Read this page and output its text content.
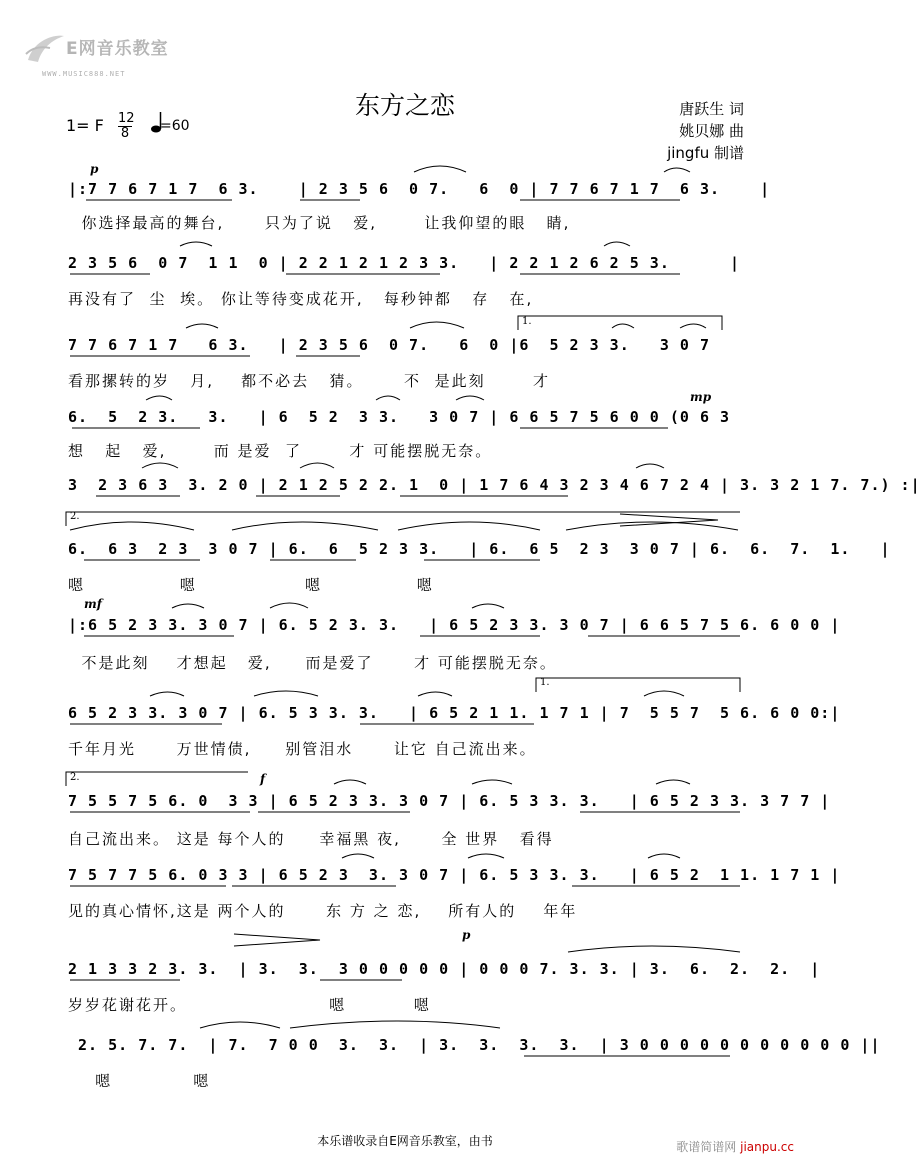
E网音乐教室
WWW.MUSIC888.NET
东方之恋
1= F $\frac{12}{8} =60$
唐跃生 词
姚贝娜 曲
jingfu 制谱
p
mp
mf
f
p
1.
2.
1.
2.
|:7 7 6 7 1 7  6 3.    | 2 3 5 6  0 7.   6  0 | 7 7 6 7 1 7  6 3.    |
你选择最高的舞台,      只为了说   爱,       让我仰望的眼   睛,
2 3 5 6  0 7  1 1  0 | 2 2 1 2 1 2 3 3.   | 2 2 1 2 6 2 5 3.      |
再没有了  尘  埃。 你让等待变成花开,   每秒钟都   存   在,
7 7 6 7 1 7   6 3.   | 2 3 5 6  0 7.   6  0 |6  5 2 3 3.   3 0 7
看那摞转的岁   月,    都不必去   猜。      不  是此刻       才
6.  5  2 3.   3.   | 6  5 2  3 3.   3 0 7 | 6 6 5 7 5 6 0 0 (0 6 3
想   起   爱,       而 是爱  了       才 可能摆脱无奈。
3  2 3 6 3  3. 2 0 | 2 1 2 5 2 2. 1  0 | 1 7 6 4 3 2 3 4 6 7 2 4 | 3. 3 2 1 7. 7.) :|
6.  6 3  2 3  3 0 7 | 6.  6  5 2 3 3.   | 6.  6 5  2 3  3 0 7 | 6.  6.  7.  1.   |
嗯              嗯                嗯              嗯
|:6 5 2 3 3. 3 0 7 | 6. 5 2 3. 3.   | 6 5 2 3 3. 3 0 7 | 6 6 5 7 5 6. 6 0 0 |
不是此刻    才想起   爱,     而是爱了      才 可能摆脱无奈。
6 5 2 3 3. 3 0 7 | 6. 5 3 3. 3.   | 6 5 2 1 1. 1 7 1 | 7  5 5 7  5 6. 6 0 0:|
千年月光      万世情债,     别管泪水      让它 自己流出来。
7 5 5 7 5 6. 0  3 3 | 6 5 2 3 3. 3 0 7 | 6. 5 3 3. 3.   | 6 5 2 3 3. 3 7 7 |
自己流出来。 这是 每个人的     幸福黑 夜,      全 世界   看得
7 5 7 7 5 6. 0 3 3 | 6 5 2 3  3. 3 0 7 | 6. 5 3 3. 3.   | 6 5 2  1 1. 1 7 1 |
见的真心情怀,这是 两个人的      东 方 之 恋,    所有人的    年年
2 1 3 3 2 3. 3.  | 3.  3.  3 0 0 0 0 0 | 0 0 0 7. 3. 3. | 3.  6.  2.  2.  |
岁岁花谢花开。                     嗯          嗯
2. 5. 7. 7.  | 7.  7 0 0  3.  3.  | 3.  3.  3.  3.  | 3 0 0 0 0 0 0 0 0 0 0 0 ||
嗯            嗯
本乐谱收录自E网音乐教室，由书	歌谱简谱网 jianpu.cc
